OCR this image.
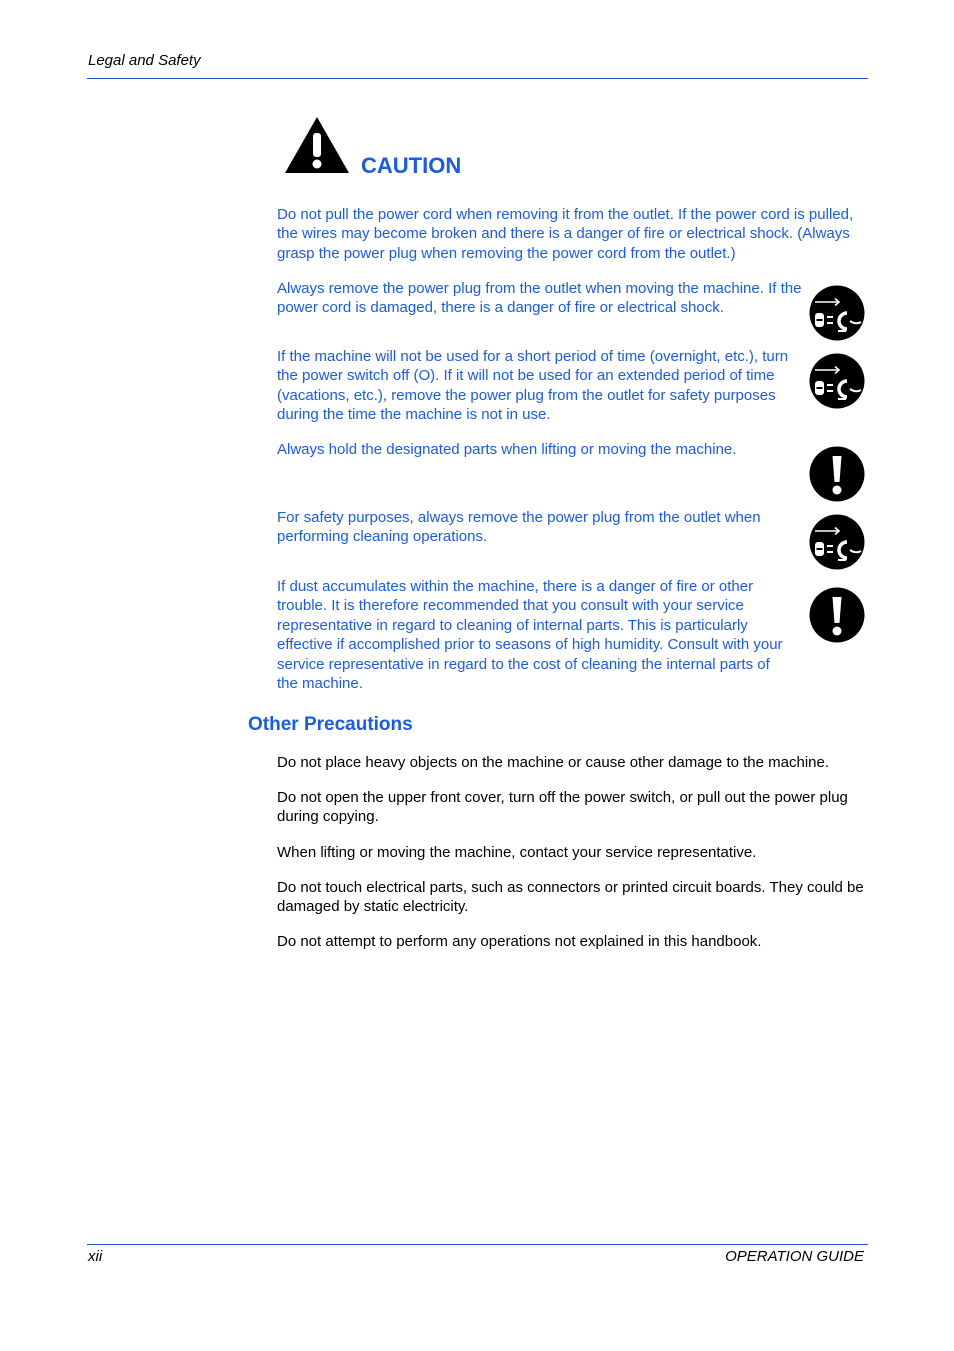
Legal and Safety
CAUTION

Do not pull the power cord when removing it from the outlet. If the power cord is pulled, the wires may become broken and there is a danger of fire or electrical shock. (Always grasp the power plug when removing the power cord from the outlet.)

Always remove the power plug from the outlet when moving the machine. If the power cord is damaged, there is a danger of fire or electrical shock.

If the machine will not be used for a short period of time (overnight, etc.), turn the power switch off (O). If it will not be used for an extended period of time (vacations, etc.), remove the power plug from the outlet for safety purposes during the time the machine is not in use.

Always hold the designated parts when lifting or moving the machine.

For safety purposes, always remove the power plug from the outlet when performing cleaning operations.

If dust accumulates within the machine, there is a danger of fire or other trouble. It is therefore recommended that you consult with your service representative in regard to cleaning of internal parts. This is particularly effective if accomplished prior to seasons of high humidity. Consult with your service representative in regard to the cost of cleaning the internal parts of the machine.

Other Precautions

Do not place heavy objects on the machine or cause other damage to the machine.

Do not open the upper front cover, turn off the power switch, or pull out the power plug during copying.

When lifting or moving the machine, contact your service representative.

Do not touch electrical parts, such as connectors or printed circuit boards. They could be damaged by static electricity.

Do not attempt to perform any operations not explained in this handbook.

xii	OPERATION GUIDE
